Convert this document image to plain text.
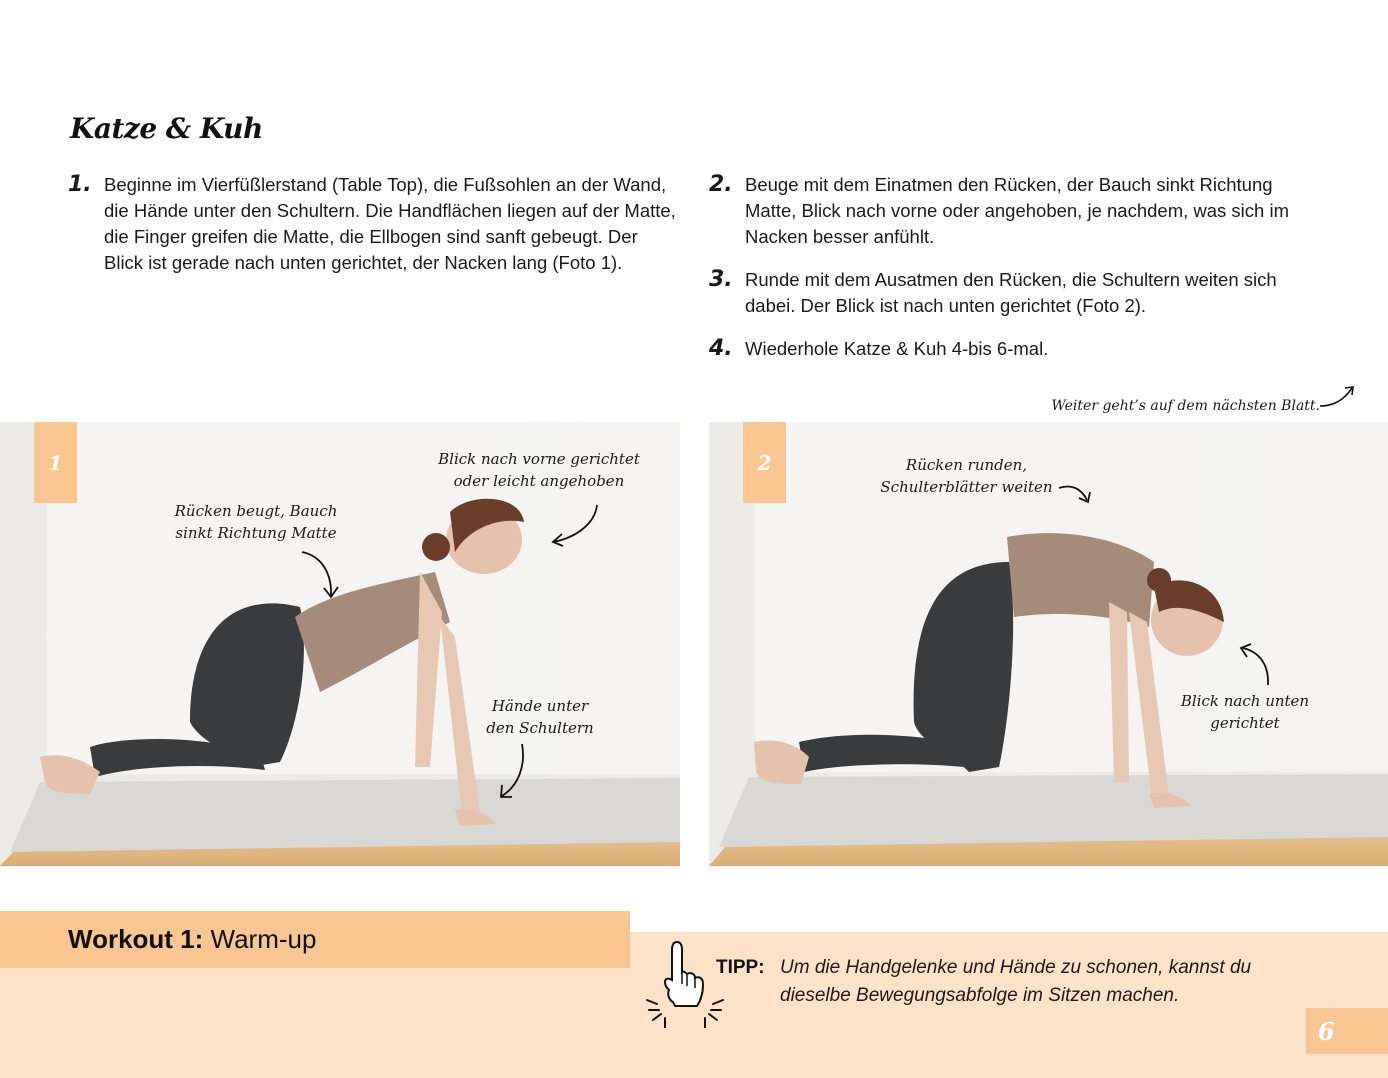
Katze & Kuh
1. Beginne im Vierfüßlerstand (Table Top), die Fußsohlen an der Wand, die Hände unter den Schultern. Die Handflächen liegen auf der Matte, die Finger greifen die Matte, die Ellbogen sind sanft gebeugt. Der Blick ist gerade nach unten gerichtet, der Nacken lang (Foto 1).
2. Beuge mit dem Einatmen den Rücken, der Bauch sinkt Richtung Matte, Blick nach vorne oder angehoben, je nachdem, was sich im Nacken besser anfühlt.
3. Runde mit dem Ausatmen den Rücken, die Schultern weiten sich dabei. Der Blick ist nach unten gerichtet (Foto 2).
4. Wiederhole Katze & Kuh 4-bis 6-mal.
Weiter geht’s auf dem nächsten Blatt.
1	Blick nach vorne gerichtet
oder leicht angehoben
Rücken beugt, Bauch
sinkt Richtung Matte
Hände unter
den Schultern
2	Rücken runden,
Schulterblätter weiten
Blick nach unten
gerichtet
Workout 1: Warm-up
TIPP: Um die Handgelenke und Hände zu schonen, kannst du
dieselbe Bewegungsabfolge im Sitzen machen.
6
